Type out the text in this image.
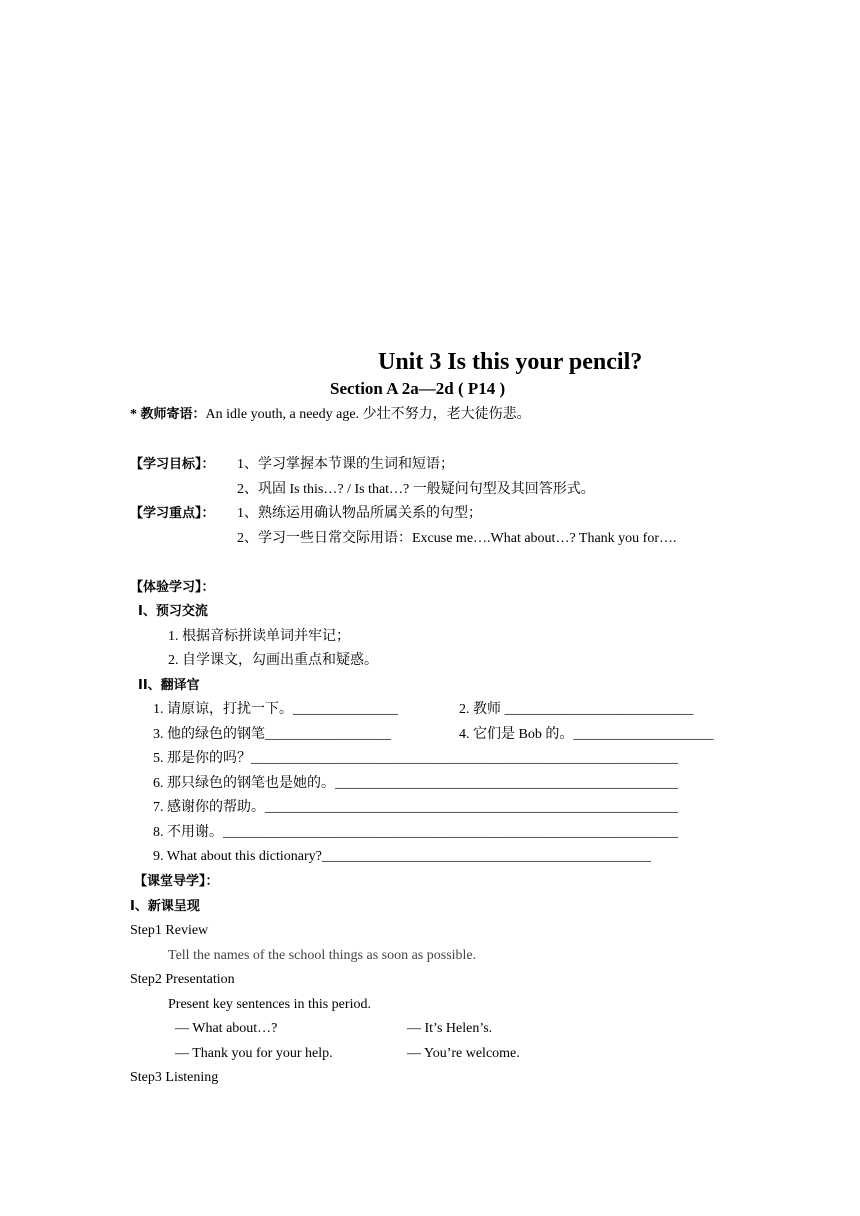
Unit 3 Is this your pencil?
Section A 2a—2d ( P14 )
* 教师寄语：An idle youth, a needy age. 少壮不努力，老大徒伤悲。
【学习目标】： 1、学习掌握本节课的生词和短语；
2、巩固 Is this…? / Is that…? 一般疑问句型及其回答形式。
【学习重点】： 1、熟练运用确认物品所属关系的句型；
2、学习一些日常交际用语：Excuse me….What about…? Thank you for….
【体验学习】：
I、预习交流
1. 根据音标拼读单词并牢记；
2. 自学课文，勾画出重点和疑惑。
II、翻译官
1. 请原谅，打扰一下。_______________	2. 教师 ___________________________
3. 他的绿色的钢笔__________________	4. 它们是 Bob 的。____________________
5. 那是你的吗？_____________________________________________________________
6. 那只绿色的钢笔也是她的。_________________________________________________
7. 感谢你的帮助。___________________________________________________________
8. 不用谢。_________________________________________________________________
9. What about this dictionary?_______________________________________________
【课堂导学】：
I、新课呈现
Step1 Review
Tell the names of the school things as soon as possible.
Step2 Presentation
Present key sentences in this period.
— What about…?	— It’s Helen’s.
— Thank you for your help.	— You’re welcome.
Step3 Listening
